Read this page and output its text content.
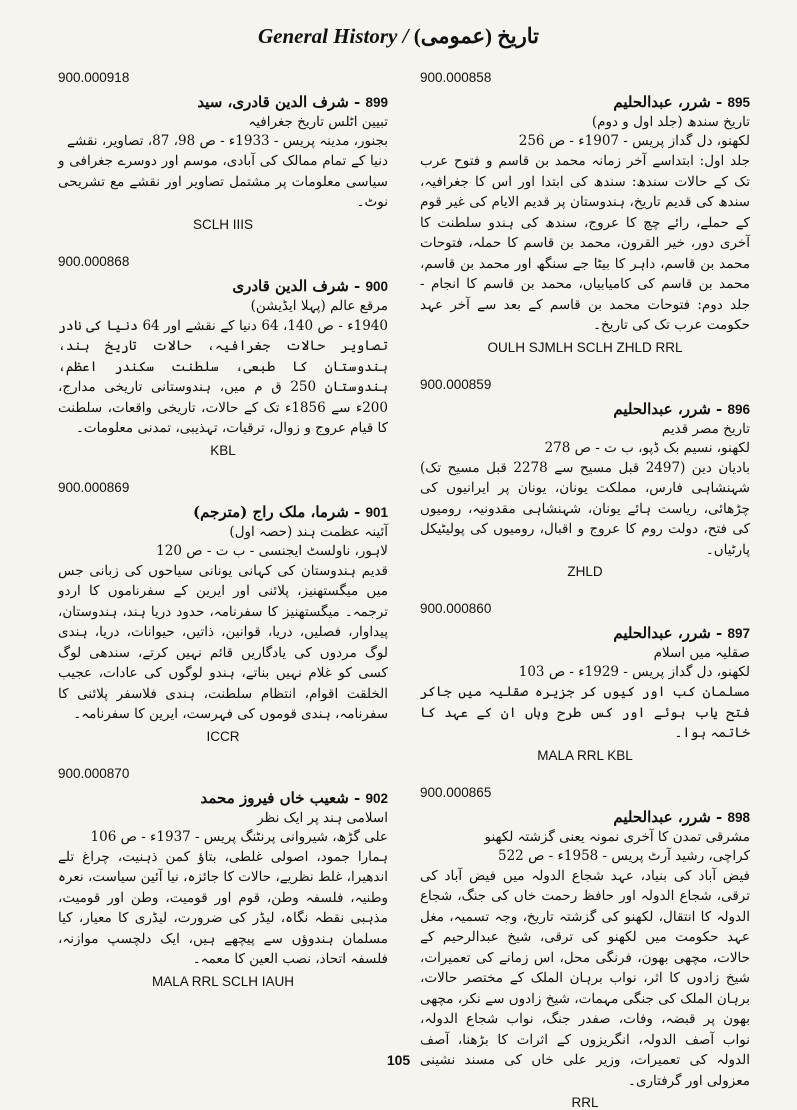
General History / تاریخ (عمومی)
900.000918
899 - شرف الدین قادری، سید
تبیین اٹلس تاریخ جغرافیہ
بجنور، مدینہ پریس - 1933ء - ص 98، 87، تصاویر، نقشے
دنیا کے تمام ممالک کی آبادی، موسم اور دوسرے جغرافی و سیاسی معلومات پر مشتمل تصاویر اور نقشے مع تشریحی نوٹ۔
SCLH IIIS
900.000868
900 - شرف الدین قادری
مرقع عالم (پہلا ایڈیشن)
1940ء - ص 140، 64 دنیا کے نقشے اور 64 دنیا کی نادر تصاویر حالات جغرافیہ، حالات تاریخ ہند، ہندوستان کا طبعی، سلطنت سکندر اعظم، ہندوستان 250 ق م میں، ہندوستانی تاریخی مدارج، 200ء سے 1856ء تک کے حالات، تاریخی واقعات، سلطنت کا قیام عروج و زوال، ترقیات، تہذیبی، تمدنی معلومات۔
KBL
900.000869
901 - شرما، ملک راج (مترجم)
آئینہ عظمت ہند (حصہ اول)
لاہور، ناولسٹ ایجنسی - ب ت - ص 120
قدیم ہندوستان کی کہانی یونانی سیاحوں کی زبانی جس میں میگستھنیز، پلائنی اور ایرین کے سفرناموں کا اردو ترجمہ۔ میگستھنیز کا سفرنامہ، حدود دریا ہند، ہندوستان، پیداوار، فصلیں، دریا، قوانین، ذاتیں، حیوانات، دریا، ہندی لوگ مردوں کی یادگاریں قائم نہیں کرتے، سندھی لوگ کسی کو غلام نہیں بناتے، ہندو لوگوں کی عادات، عجیب الخلقت اقوام، انتظام سلطنت، ہندی فلاسفر پلائنی کا سفرنامہ، ہندی قوموں کی فہرست، ایرین کا سفرنامہ۔
ICCR
900.000870
902 - شعیب خاں فیروز محمد
اسلامی ہند پر ایک نظر
علی گڑھ، شیروانی پرنٹنگ پریس - 1937ء - ص 106
ہمارا جمود، اصولی غلطی، بتاؤ کمن ذہنیت، چراغ تلے اندھیرا، غلط نظریے، حالات کا جائزہ، نیا آئین سیاست، نعرہ وطنیہ، فلسفہ وطن، قوم اور قومیت، وطن اور قومیت، مذہبی نقطہ نگاہ، لیڈر کی ضرورت، لیڈری کا معیار، کیا مسلمان ہندوؤں سے پیچھے ہیں، ایک دلچسپ موازنہ، فلسفہ اتحاد، نصب العین کا معمہ۔
MALA RRL SCLH IAUH
900.000858
895 - شرر، عبدالحلیم
تاریخ سندھ (جلد اول و دوم)
لکھنو، دل گداز پریس - 1907ء - ص 256
جلد اول: ابتداسے آخر زمانہ محمد بن قاسم و فتوح عرب تک کے حالات سندھ: سندھ کی ابتدا اور اس کا جغرافیہ، سندھ کی قدیم تاریخ، ہندوستان پر قدیم الایام کی غیر قوم کے حملے، رائے چچ کا عروج، سندھ کی ہندو سلطنت کا آخری دور، خیر القرون، محمد بن قاسم کا حملہ، فتوحات محمد بن قاسم، داہر کا بیٹا جے سنگھ اور محمد بن قاسم، محمد بن قاسم کی کامیابیاں، محمد بن قاسم کا انجام - جلد دوم: فتوحات محمد بن قاسم کے بعد سے آخر عہد حکومت عرب تک کی تاریخ۔
OULH SJMLH SCLH ZHLD RRL
900.000859
896 - شرر، عبدالحلیم
تاریخ مصر قدیم
لکھنو، نسیم بک ڈپو، ب ت - ص 278
بادیان دین (2497 قبل مسیح سے 2278 قبل مسیح تک) شہنشاہی فارس، مملکت یونان، یونان پر ایرانیوں کی چڑھائی، ریاست ہائے یونان، شہنشاہی مقدونیہ، رومیوں کی فتح، دولت روم کا عروج و اقبال، رومیوں کی پولیٹیکل پارٹیاں۔
ZHLD
900.000860
897 - شرر، عبدالحلیم
صقلیہ میں اسلام
لکھنو، دل گداز پریس - 1929ء - ص 103
مسلمان کب اور کیوں کر جزیرہ صقلیہ میں جاکر فتح یاب ہوئے اور کس طرح وہاں ان کے عہد کا خاتمہ ہوا۔
MALA RRL KBL
900.000865
898 - شرر، عبدالحلیم
مشرقی تمدن کا آخری نمونہ یعنی گزشتہ لکھنو
کراچی، رشید آرٹ پریس - 1958ء - ص 522
فیض آباد کی بنیاد، عہد شجاع الدولہ میں فیض آباد کی ترقی، شجاع الدولہ اور حافظ رحمت خاں کی جنگ، شجاع الدولہ کا انتقال، لکھنو کی گزشتہ تاریخ، وجہ تسمیہ، مغل عہد حکومت میں لکھنو کی ترقی، شیخ عبدالرحیم کے حالات، مچھی بھون، فرنگی محل، اس زمانے کی تعمیرات، شیخ زادوں کا اثر، نواب برہان الملک کے مختصر حالات، برہان الملک کی جنگی مہمات، شیخ زادوں سے نکر، مچھی بھون پر قبضہ، وفات، صفدر جنگ، نواب شجاع الدولہ، نواب آصف الدولہ، انگریزوں کے اثرات کا بڑھنا، آصف الدولہ کی تعمیرات، وزیر علی خاں کی مسند نشینی معزولی اور گرفتاری۔
RRL
105
